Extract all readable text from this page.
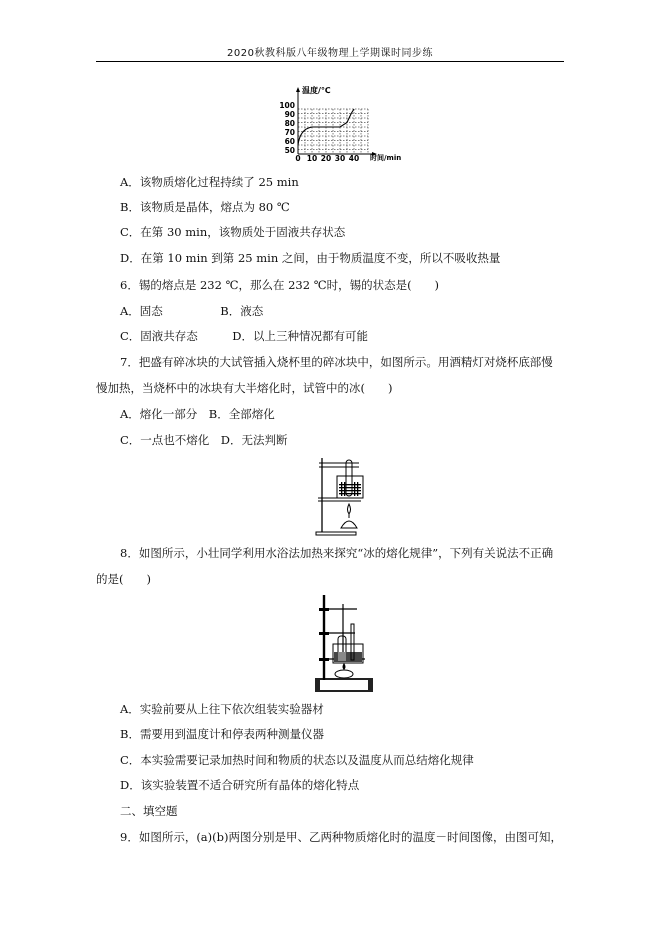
2020秋教科版八年级物理上学期课时同步练
温度/℃
时间/min
100
90
80
70
60
50
0 10 20 30 40
A．该物质熔化过程持续了 25 min
B．该物质是晶体，熔点为 80 ℃
C．在第 30 min，该物质处于固液共存状态
D．在第 10 min 到第 25 min 之间，由于物质温度不变，所以不吸收热量
6．锡的熔点是 232 ℃，那么在 232 ℃时，锡的状态是(　　)
A．固态　　　　　B．液态
C．固液共存态　　　D．以上三种情况都有可能
7．把盛有碎冰块的大试管插入烧杯里的碎冰块中，如图所示。用酒精灯对烧杯底部慢
慢加热，当烧杯中的冰块有大半熔化时，试管中的冰(　　)
A．熔化一部分　B．全部熔化
C．一点也不熔化　D．无法判断
8．如图所示，小壮同学利用水浴法加热来探究“冰的熔化规律”，下列有关说法不正确
的是(　　)
A．实验前要从上往下依次组装实验器材
B．需要用到温度计和停表两种测量仪器
C．本实验需要记录加热时间和物质的状态以及温度从而总结熔化规律
D．该实验装置不适合研究所有晶体的熔化特点
二、填空题
9．如图所示，(a)(b)两图分别是甲、乙两种物质熔化时的温度－时间图像，由图可知，
